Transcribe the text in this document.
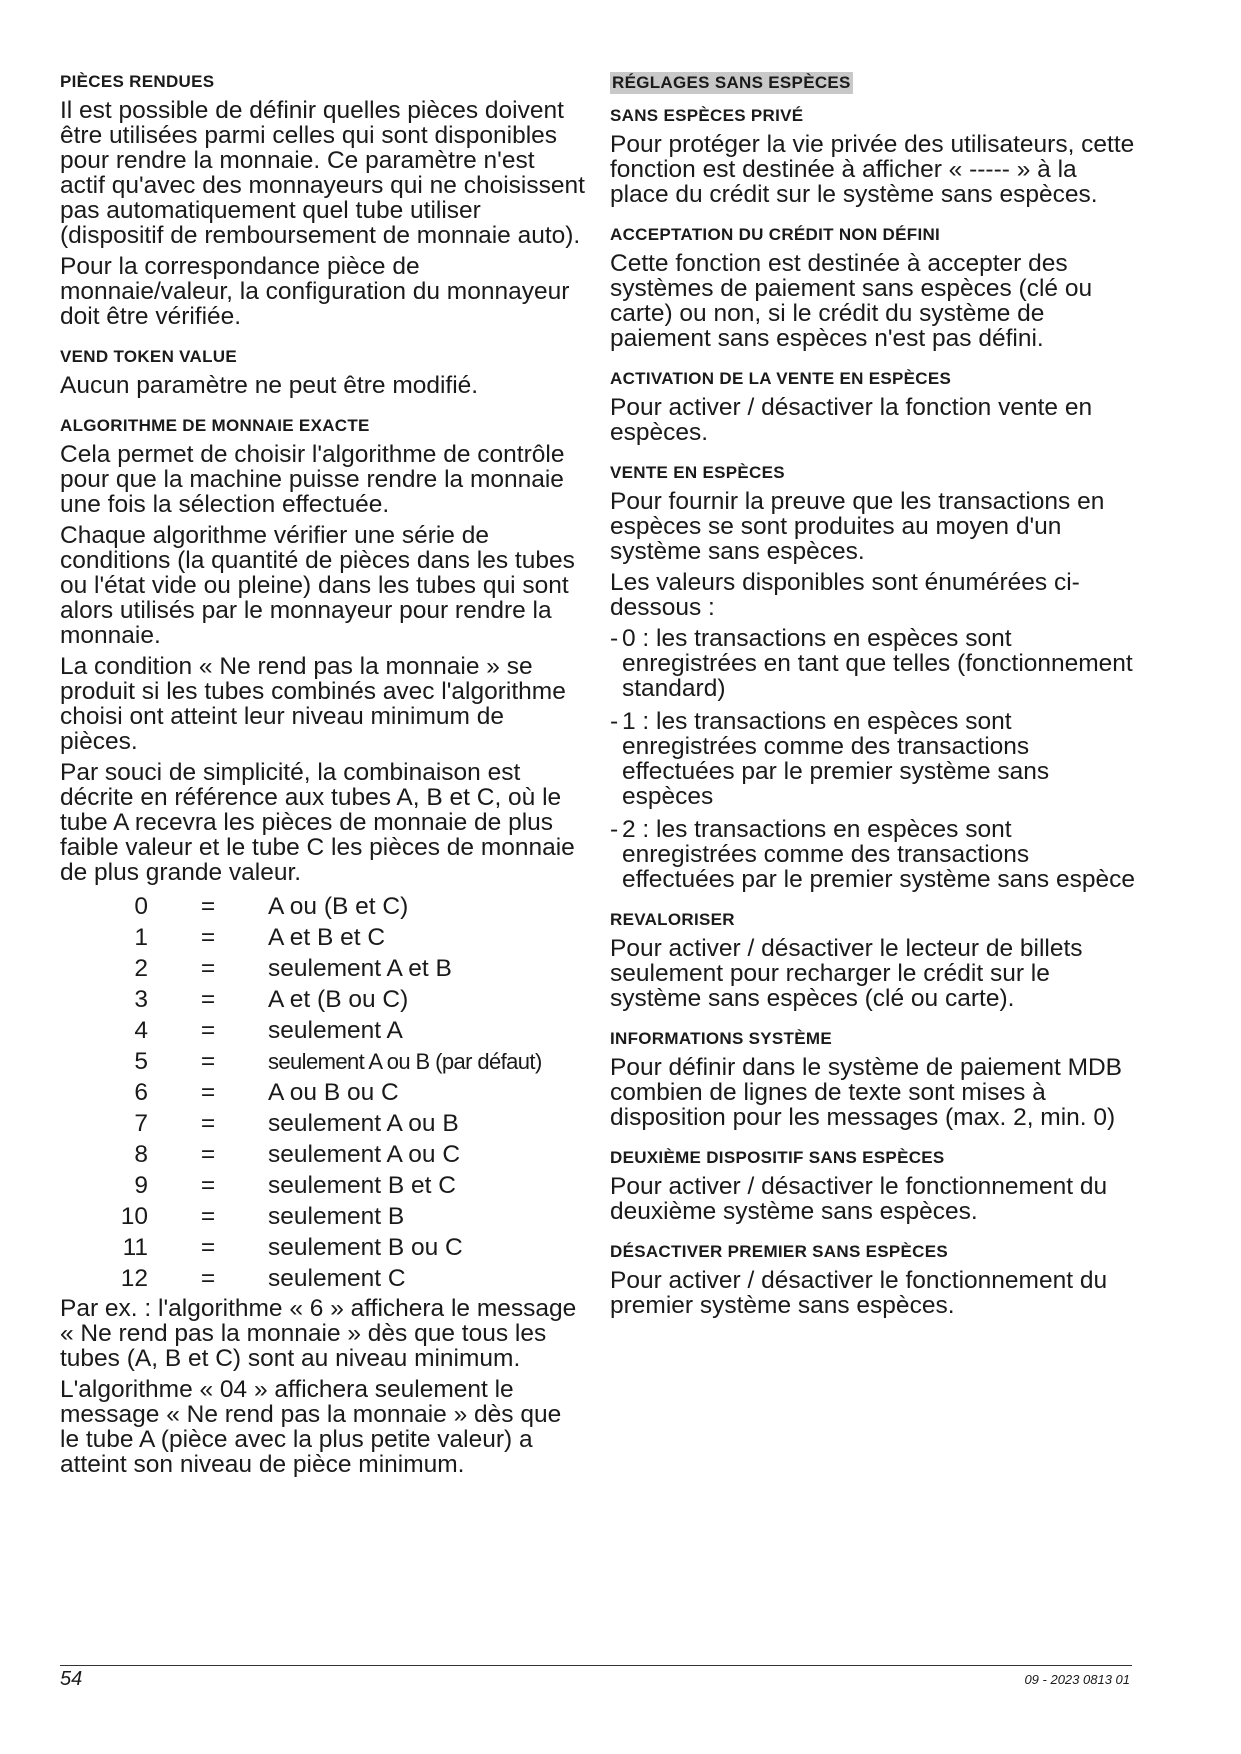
PIÈCES RENDUES
Il est possible de définir quelles pièces doivent être utilisées parmi celles qui sont disponibles pour rendre la monnaie. Ce paramètre n'est actif qu'avec des monnayeurs qui ne choisissent pas automatiquement quel tube utiliser (dispositif de remboursement de monnaie auto).
Pour la correspondance pièce de monnaie/valeur, la configuration du monnayeur doit être vérifiée.
VEND TOKEN VALUE
Aucun paramètre ne peut être modifié.
ALGORITHME DE MONNAIE EXACTE
Cela permet de choisir l'algorithme de contrôle pour que la machine puisse rendre la monnaie une fois la sélection effectuée.
Chaque algorithme vérifier une série de conditions (la quantité de pièces dans les tubes ou l'état vide ou pleine) dans les tubes qui sont alors utilisés par le monnayeur pour rendre la monnaie.
La condition « Ne rend pas la monnaie » se produit si les tubes combinés avec l'algorithme choisi ont atteint leur niveau minimum de pièces.
Par souci de simplicité, la combinaison est décrite en référence aux tubes A, B et C, où le tube A recevra les pièces de monnaie de plus faible valeur et le tube C les pièces de monnaie de plus grande valeur.
0	=	A ou (B et C)
1	=	A et B et C
2	=	seulement A et B
3	=	A et (B ou C)
4	=	seulement A
5	=	seulement A ou B (par défaut)
6	=	A ou B ou C
7	=	seulement A ou B
8	=	seulement A ou C
9	=	seulement B et C
10	=	seulement B
11	=	seulement B ou C
12	=	seulement C
Par ex. : l'algorithme « 6 » affichera le message « Ne rend pas la monnaie » dès que tous les tubes (A, B et C) sont au niveau minimum.
L'algorithme « 04 » affichera seulement le message « Ne rend pas la monnaie » dès que le tube A (pièce avec la plus petite valeur) a atteint son niveau de pièce minimum.
RÉGLAGES SANS ESPÈCES
SANS ESPÈCES PRIVÉ
Pour protéger la vie privée des utilisateurs, cette fonction est destinée à afficher « ----- » à la place du crédit sur le système sans espèces.
ACCEPTATION DU CRÉDIT NON DÉFINI
Cette fonction est destinée à accepter des systèmes de paiement sans espèces (clé ou carte) ou non, si le crédit du système de paiement sans espèces n'est pas défini.
ACTIVATION DE LA VENTE EN ESPÈCES
Pour activer / désactiver la fonction vente en espèces.
VENTE EN ESPÈCES
Pour fournir la preuve que les transactions en espèces se sont produites au moyen d'un système sans espèces.
Les valeurs disponibles sont énumérées ci-dessous :
- 0 : les transactions en espèces sont enregistrées en tant que telles (fonctionnement standard)
- 1 : les transactions en espèces sont enregistrées comme des transactions effectuées par le premier système sans espèces
- 2 : les transactions en espèces sont enregistrées comme des transactions effectuées par le premier système sans espèce
REVALORISER
Pour activer / désactiver le lecteur de billets seulement pour recharger le crédit sur le système sans espèces (clé ou carte).
INFORMATIONS SYSTÈME
Pour définir dans le système de paiement MDB combien de lignes de texte sont mises à disposition pour les messages (max. 2, min. 0)
DEUXIÈME DISPOSITIF SANS ESPÈCES
Pour activer / désactiver le fonctionnement du deuxième système sans espèces.
DÉSACTIVER PREMIER SANS ESPÈCES
Pour activer / désactiver le fonctionnement du premier système sans espèces.
54	09 - 2023 0813 01
